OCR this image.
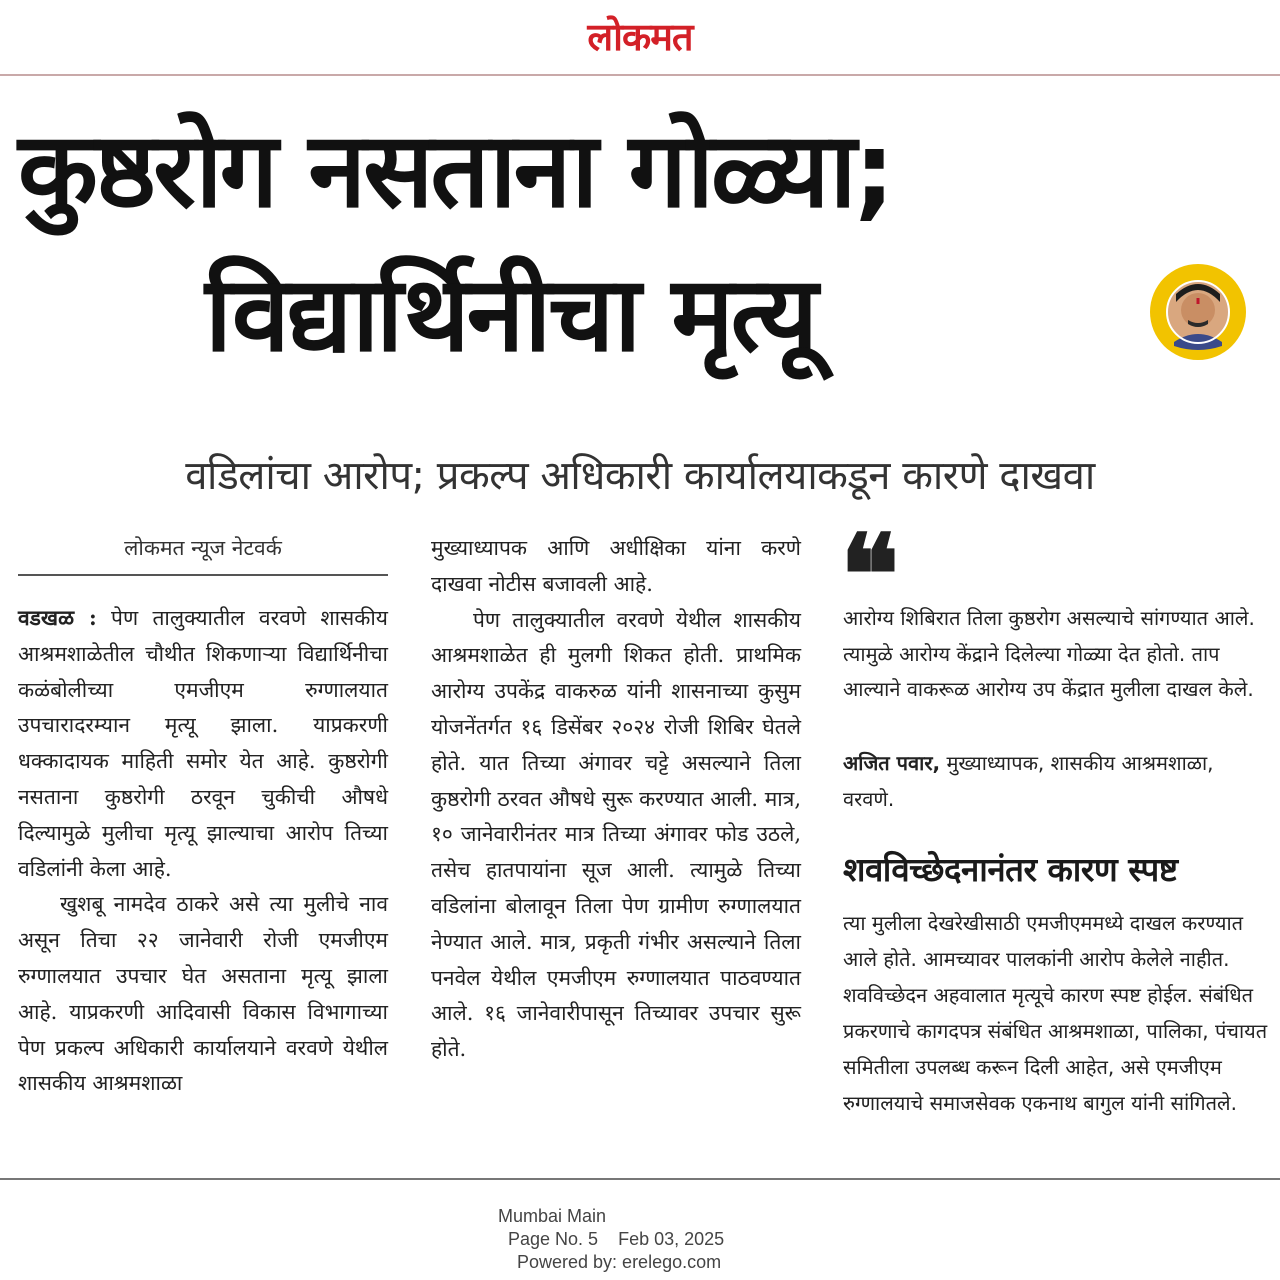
लोकमत
कुष्ठरोग नसताना गोळ्या;
विद्यार्थिनीचा मृत्यू
वडिलांचा आरोप; प्रकल्प अधिकारी कार्यालयाकडून कारणे दाखवा
लोकमत न्यूज नेटवर्क

वडखळ : पेण तालुक्यातील वरवणे शासकीय आश्रमशाळेतील चौथीत शिकणाऱ्या विद्यार्थिनीचा कळंबोलीच्या एमजीएम रुग्णालयात उपचारादरम्यान मृत्यू झाला. याप्रकरणी धक्कादायक माहिती समोर येत आहे. कुष्ठरोगी नसताना कुष्ठरोगी ठरवून चुकीची औषधे दिल्यामुळे मुलीचा मृत्यू झाल्याचा आरोप तिच्या वडिलांनी केला आहे.

खुशबू नामदेव ठाकरे असे त्या मुलीचे नाव असून तिचा २२ जानेवारी रोजी एमजीएम रुग्णालयात उपचार घेत असताना मृत्यू झाला आहे. याप्रकरणी आदिवासी विकास विभागाच्या पेण प्रकल्प अधिकारी कार्यालयाने वरवणे येथील शासकीय आश्रमशाळा

मुख्याध्यापक आणि अधीक्षिका यांना करणे दाखवा नोटीस बजावली आहे.

पेण तालुक्यातील वरवणे येथील शासकीय आश्रमशाळेत ही मुलगी शिकत होती. प्राथमिक आरोग्य उपकेंद्र वाकरुळ यांनी शासनाच्या कुसुम योजनेंतर्गत १६ डिसेंबर २०२४ रोजी शिबिर घेतले होते. यात तिच्या अंगावर चट्टे असल्याने तिला कुष्ठरोगी ठरवत औषधे सुरू करण्यात आली. मात्र, १० जानेवारीनंतर मात्र तिच्या अंगावर फोड उठले, तसेच हातपायांना सूज आली. त्यामुळे तिच्या वडिलांना बोलावून तिला पेण ग्रामीण रुग्णालयात नेण्यात आले. मात्र, प्रकृती गंभीर असल्याने तिला पनवेल येथील एमजीएम रुग्णालयात पाठवण्यात आले. १६ जानेवारीपासून तिच्यावर उपचार सुरू होते.

❝

आरोग्य शिबिरात तिला कुष्ठरोग असल्याचे सांगण्यात आले. त्यामुळे आरोग्य केंद्राने दिलेल्या गोळ्या देत होतो. ताप आल्याने वाकरूळ आरोग्य उप केंद्रात मुलीला दाखल केले.

अजित पवार, मुख्याध्यापक, शासकीय आश्रमशाळा, वरवणे.

शवविच्छेदनानंतर कारण स्पष्ट

त्या मुलीला देखरेखीसाठी एमजीएममध्ये दाखल करण्यात आले होते. आमच्यावर पालकांनी आरोप केलेले नाहीत. शवविच्छेदन अहवालात मृत्यूचे कारण स्पष्ट होईल. संबंधित प्रकरणाचे कागदपत्र संबंधित आश्रमशाळा, पालिका, पंचायत समितीला उपलब्ध करून दिली आहेत, असे एमजीएम रुग्णालयाचे समाजसेवक एकनाथ बागुल यांनी सांगितले.

Mumbai Main
Page No. 5 Feb 03, 2025
Powered by: erelego.com
